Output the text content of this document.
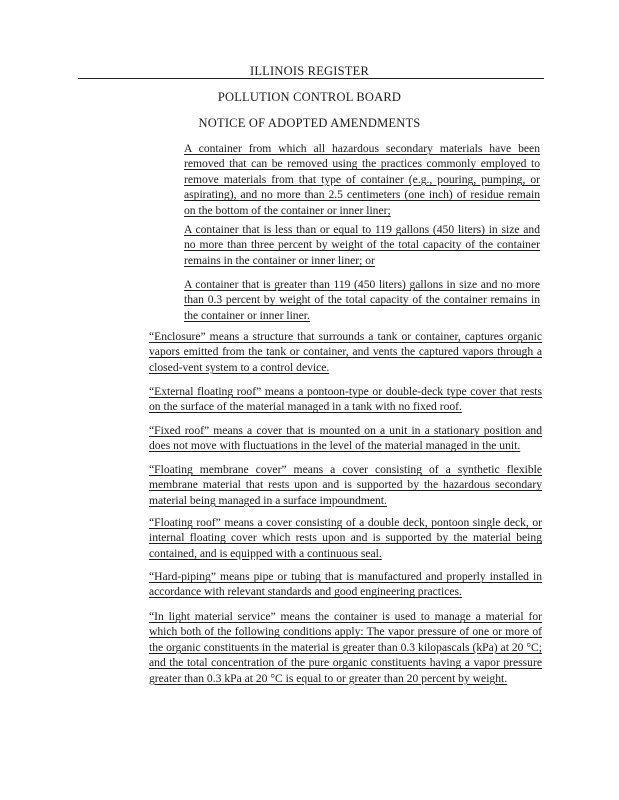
ILLINOIS REGISTER
POLLUTION CONTROL BOARD
NOTICE OF ADOPTED AMENDMENTS
A container from which all hazardous secondary materials have been removed that can be removed using the practices commonly employed to remove materials from that type of container (e.g., pouring, pumping, or aspirating), and no more than 2.5 centimeters (one inch) of residue remain on the bottom of the container or inner liner;
A container that is less than or equal to 119 gallons (450 liters) in size and no more than three percent by weight of the total capacity of the container remains in the container or inner liner; or
A container that is greater than 119 (450 liters) gallons in size and no more than 0.3 percent by weight of the total capacity of the container remains in the container or inner liner.
“Enclosure” means a structure that surrounds a tank or container, captures organic vapors emitted from the tank or container, and vents the captured vapors through a closed-vent system to a control device.
“External floating roof” means a pontoon-type or double-deck type cover that rests on the surface of the material managed in a tank with no fixed roof.
“Fixed roof” means a cover that is mounted on a unit in a stationary position and does not move with fluctuations in the level of the material managed in the unit.
“Floating membrane cover” means a cover consisting of a synthetic flexible membrane material that rests upon and is supported by the hazardous secondary material being managed in a surface impoundment.
“Floating roof” means a cover consisting of a double deck, pontoon single deck, or internal floating cover which rests upon and is supported by the material being contained, and is equipped with a continuous seal.
“Hard-piping” means pipe or tubing that is manufactured and properly installed in accordance with relevant standards and good engineering practices.
“In light material service” means the container is used to manage a material for which both of the following conditions apply: The vapor pressure of one or more of the organic constituents in the material is greater than 0.3 kilopascals (kPa) at 20 °C; and the total concentration of the pure organic constituents having a vapor pressure greater than 0.3 kPa at 20 °C is equal to or greater than 20 percent by weight.
